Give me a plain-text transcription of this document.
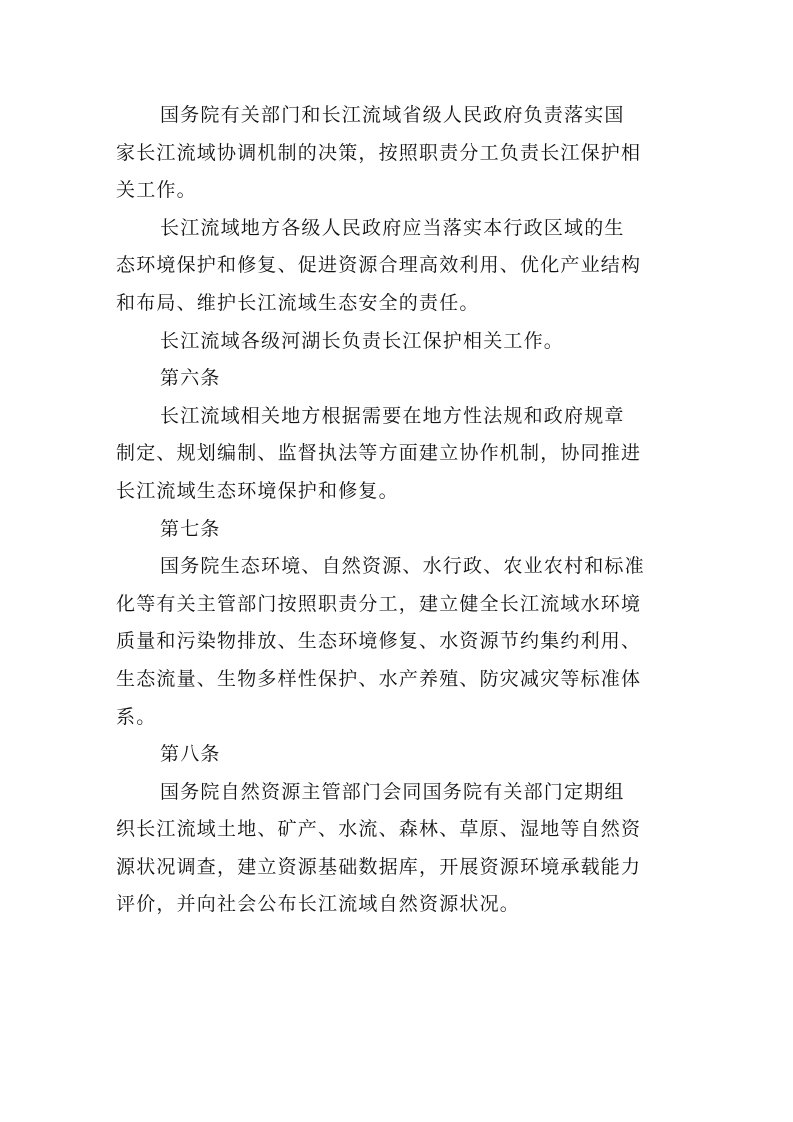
国务院有关部门和长江流域省级人民政府负责落实国
家长江流域协调机制的决策，按照职责分工负责长江保护相
关工作。

长江流域地方各级人民政府应当落实本行政区域的生
态环境保护和修复、促进资源合理高效利用、优化产业结构
和布局、维护长江流域生态安全的责任。

长江流域各级河湖长负责长江保护相关工作。

第六条

长江流域相关地方根据需要在地方性法规和政府规章
制定、规划编制、监督执法等方面建立协作机制，协同推进
长江流域生态环境保护和修复。

第七条

国务院生态环境、自然资源、水行政、农业农村和标准
化等有关主管部门按照职责分工，建立健全长江流域水环境
质量和污染物排放、生态环境修复、水资源节约集约利用、
生态流量、生物多样性保护、水产养殖、防灾减灾等标准体
系。

第八条

国务院自然资源主管部门会同国务院有关部门定期组
织长江流域土地、矿产、水流、森林、草原、湿地等自然资
源状况调查，建立资源基础数据库，开展资源环境承载能力
评价，并向社会公布长江流域自然资源状况。
